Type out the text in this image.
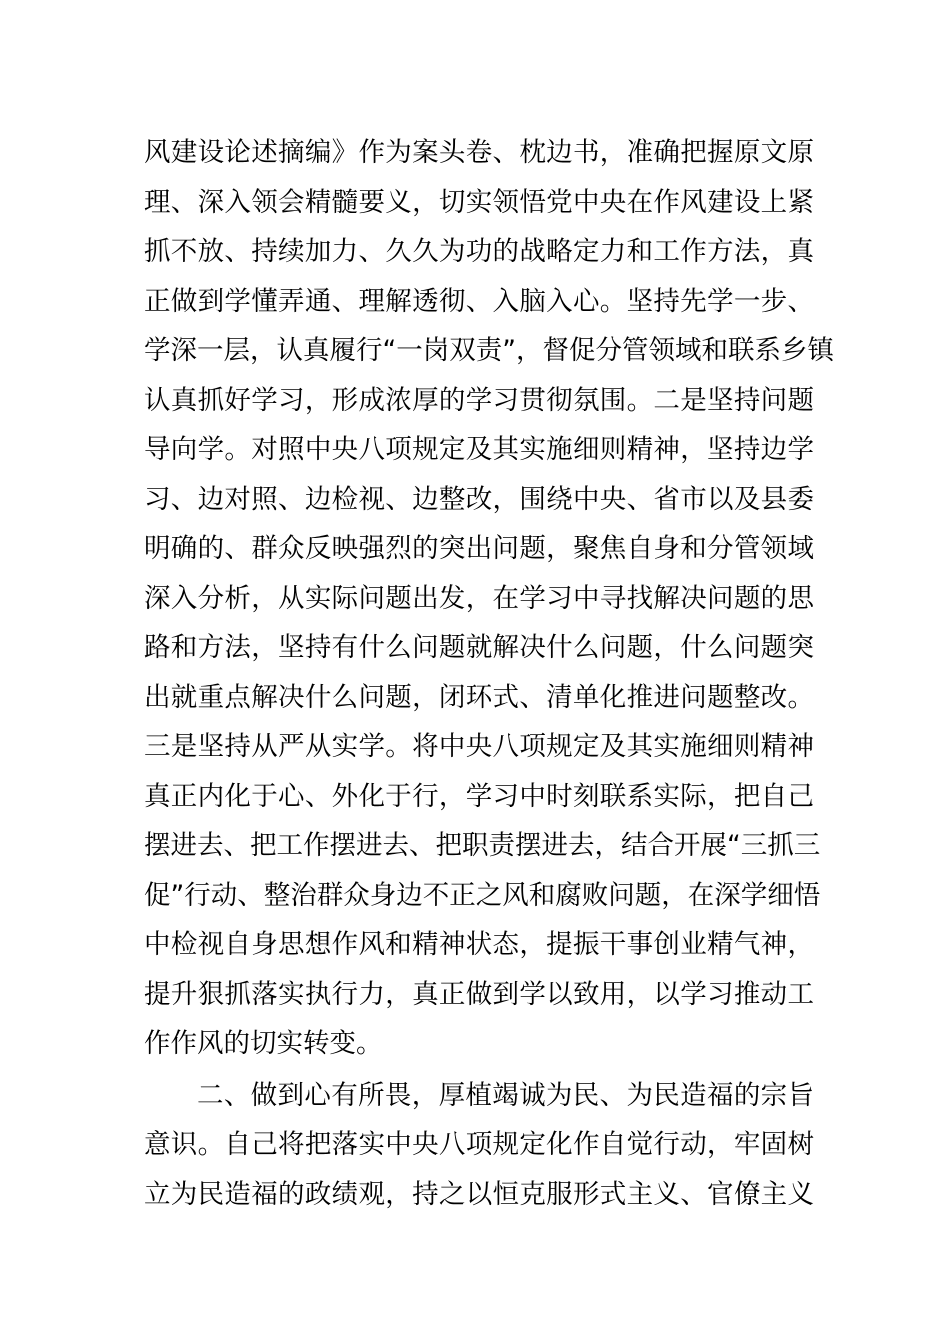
风建设论述摘编》作为案头卷、枕边书，准确把握原文原
理、深入领会精髓要义，切实领悟党中央在作风建设上紧
抓不放、持续加力、久久为功的战略定力和工作方法，真
正做到学懂弄通、理解透彻、入脑入心。坚持先学一步、
学深一层，认真履行“一岗双责”，督促分管领域和联系乡镇
认真抓好学习，形成浓厚的学习贯彻氛围。二是坚持问题
导向学。对照中央八项规定及其实施细则精神，坚持边学
习、边对照、边检视、边整改，围绕中央、省市以及县委
明确的、群众反映强烈的突出问题，聚焦自身和分管领域
深入分析，从实际问题出发，在学习中寻找解决问题的思
路和方法，坚持有什么问题就解决什么问题，什么问题突
出就重点解决什么问题，闭环式、清单化推进问题整改。
三是坚持从严从实学。将中央八项规定及其实施细则精神
真正内化于心、外化于行，学习中时刻联系实际，把自己
摆进去、把工作摆进去、把职责摆进去，结合开展“三抓三
促”行动、整治群众身边不正之风和腐败问题，在深学细悟
中检视自身思想作风和精神状态，提振干事创业精气神，
提升狠抓落实执行力，真正做到学以致用，以学习推动工
作作风的切实转变。
二、做到心有所畏，厚植竭诚为民、为民造福的宗旨
意识。自己将把落实中央八项规定化作自觉行动，牢固树
立为民造福的政绩观，持之以恒克服形式主义、官僚主义
